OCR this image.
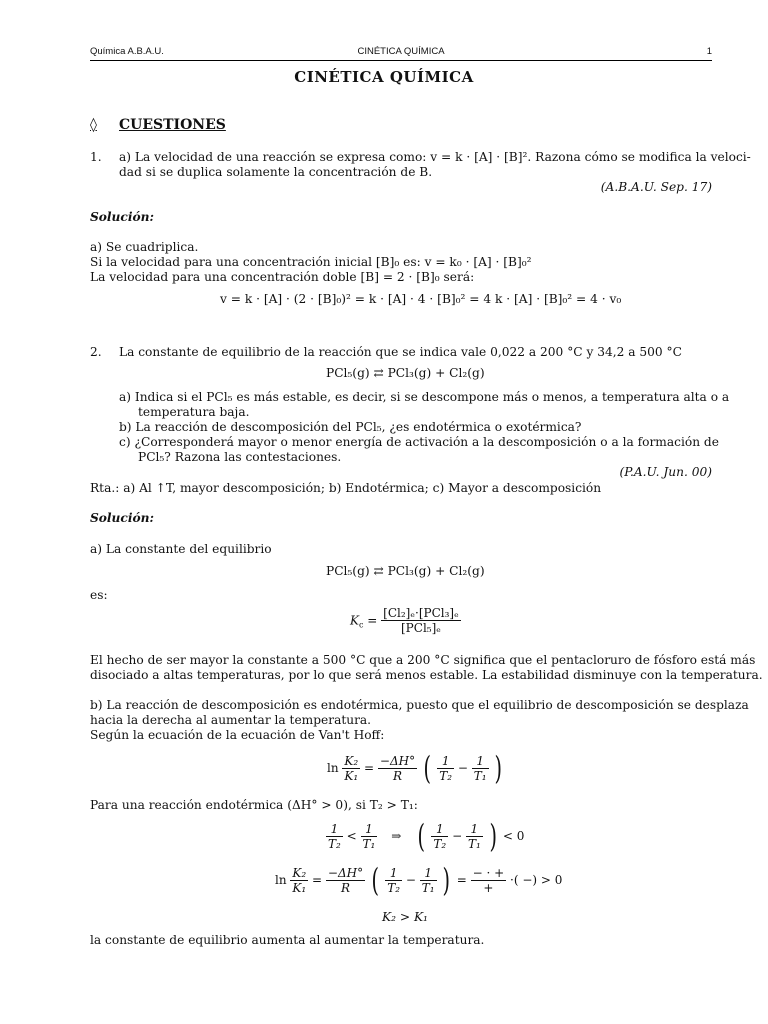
Química A.B.A.U.	CINÉTICA QUÍMICA	1
CINÉTICA QUÍMICA
◊ CUESTIONES
1. a) La velocidad de una reacción se expresa como: v = k · [A] · [B]². Razona cómo se modifica la veloci-
dad si se duplica solamente la concentración de B.
(A.B.A.U. Sep. 17)
Solución:
a) Se cuadriplica.
Si la velocidad para una concentración inicial [B]₀ es: v = k₀ · [A] · [B]₀²
La velocidad para una concentración doble [B] = 2 · [B]₀ será:
v = k · [A] · (2 · [B]₀)² = k · [A] · 4 · [B]₀² = 4 k · [A] · [B]₀² = 4 · v₀
2. La constante de equilibrio de la reacción que se indica vale 0,022 a 200 °C y 34,2 a 500 °C
PCl₅(g) ⇄ PCl₃(g) + Cl₂(g)
a) Indica si el PCl₅ es más estable, es decir, si se descompone más o menos, a temperatura alta o a
temperatura baja.
b) La reacción de descomposición del PCl₅, ¿es endotérmica o exotérmica?
c) ¿Corresponderá mayor o menor energía de activación a la descomposición o a la formación de
PCl₅? Razona las contestaciones.
(P.A.U. Jun. 00)
Rta.: a) Al ↑T, mayor descomposición; b) Endotérmica; c) Mayor a descomposición
Solución:
a) La constante del equilibrio
PCl₅(g) ⇄ PCl₃(g) + Cl₂(g)
es:
$K_c = \frac{\text{[Cl₂]ₑ·[PCl₃]ₑ}}{\text{[PCl₅]ₑ}}$
El hecho de ser mayor la constante a 500 °C que a 200 °C significa que el pentacloruro de fósforo está más
disociado a altas temperaturas, por lo que será menos estable. La estabilidad disminuye con la temperatura.
b) La reacción de descomposición es endotérmica, puesto que el equilibrio de descomposición se desplaza
hacia la derecha al aumentar la temperatura.
Según la ecuación de la ecuación de Van't Hoff:
$\ln \frac{\text{K₂}}{\text{K₁}} = \frac{-\Delta H^\circ}{R}$ ( $\frac{1}{\text{T₂}} - \frac{1}{\text{T₁}}$ )
Para una reacción endotérmica (ΔH° > 0), si T₂ > T₁:
$\frac{1}{\text{T₂}} < \frac{1}{\text{T₁}}$ ⇒ ( $\frac{1}{\text{T₂}} - \frac{1}{\text{T₁}}$ ) < 0
$\ln \frac{\text{K₂}}{\text{K₁}} = \frac{-\Delta H^\circ}{R}$ ( $\frac{1}{\text{T₂}} - \frac{1}{\text{T₁}}$ ) = $\frac{- \cdot +}{+}$ ·( −) > 0
K₂ > K₁
la constante de equilibrio aumenta al aumentar la temperatura.
